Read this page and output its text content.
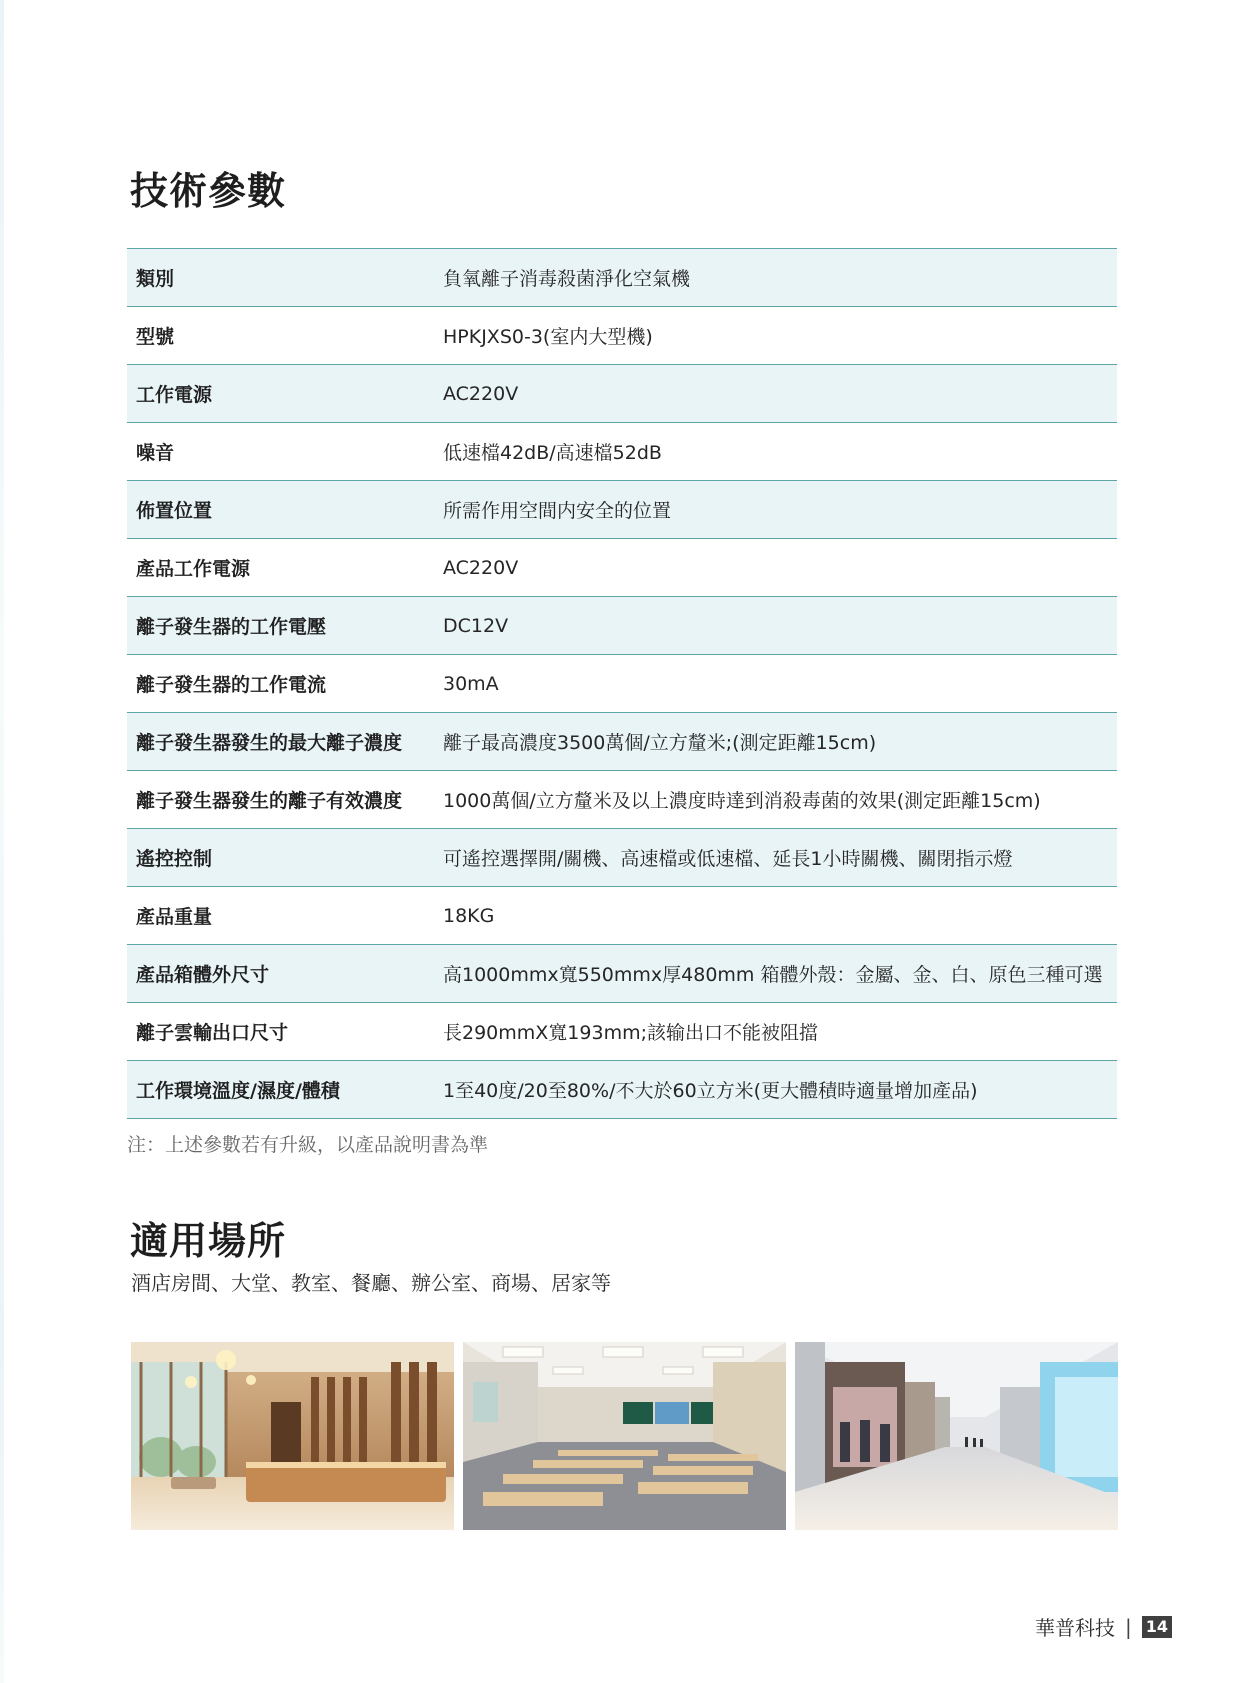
技術參數
類別	負氧離子消毒殺菌淨化空氣機
型號	HPKJXS0-3(室内大型機)
工作電源	AC220V
噪音	低速檔42dB/高速檔52dB
佈置位置	所需作用空間内安全的位置
產品工作電源	AC220V
離子發生器的工作電壓	DC12V
離子發生器的工作電流	30mA
離子發生器發生的最大離子濃度	離子最高濃度3500萬個/立方釐米;(測定距離15cm)
離子發生器發生的離子有效濃度	1000萬個/立方釐米及以上濃度時達到消殺毒菌的效果(測定距離15cm)
遙控控制	可遙控選擇開/關機、高速檔或低速檔、延長1小時關機、關閉指示燈
產品重量	18KG
產品箱體外尺寸	高1000mmx寬550mmx厚480mm 箱體外殼：金屬、金、白、原色三種可選
離子雲輸出口尺寸	長290mmX寬193mm;該输出口不能被阻擋
工作環境溫度/濕度/體積	1至40度/20至80%/不大於60立方米(更大體積時適量增加產品)
注：上述參數若有升級，以產品說明書為準
適用場所
酒店房間、大堂、教室、餐廳、辦公室、商場、居家等
華普科技 | 14
